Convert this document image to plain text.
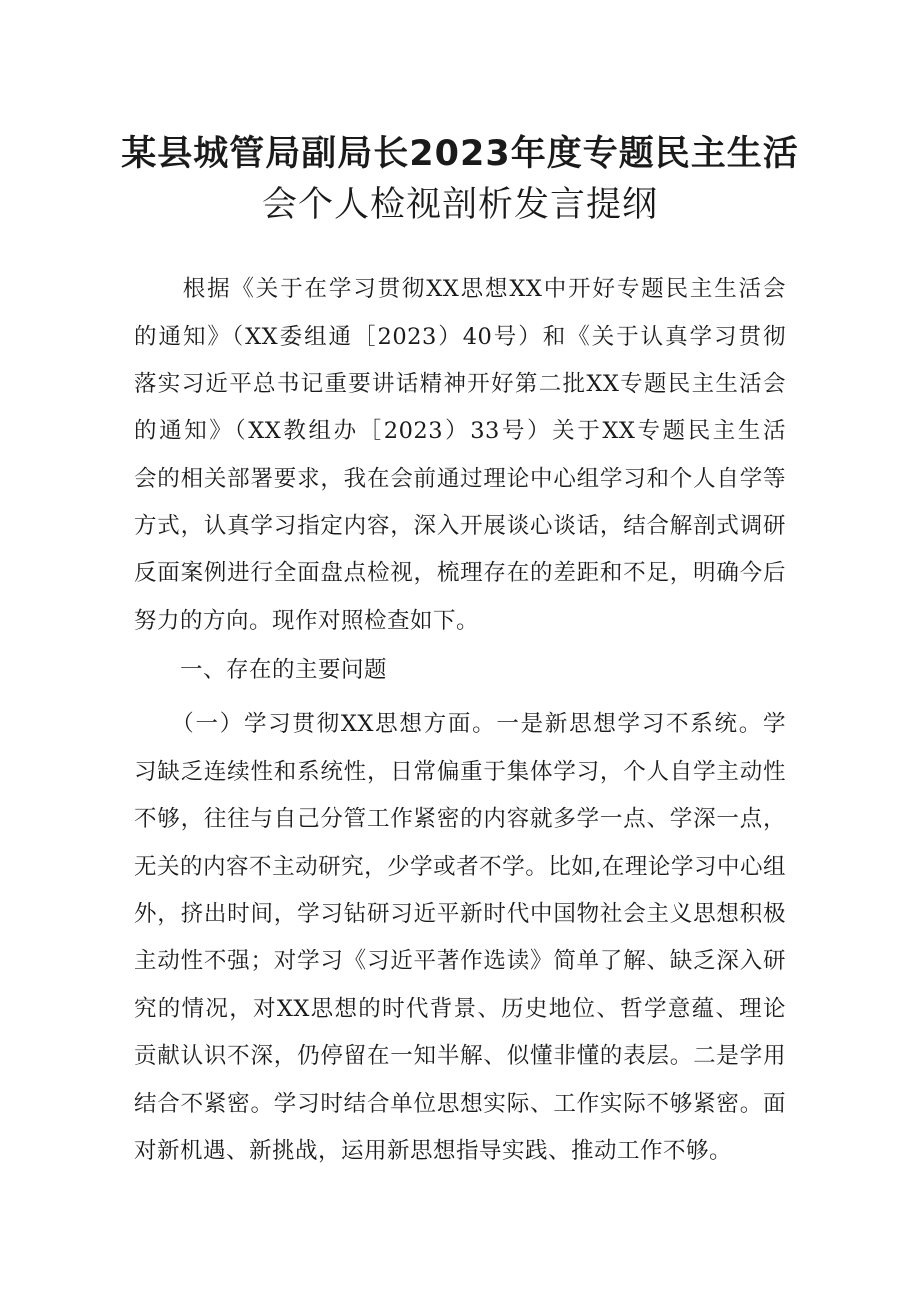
某县城管局副局长2023年度专题民主生活
会个人检视剖析发言提纲
　　根据《关于在学习贯彻XX思想XX中开好专题民主生活会
的通知》（XX委组通［2023）40号）和《关于认真学习贯彻
落实习近平总书记重要讲话精神开好第二批XX专题民主生活会
的通知》（XX教组办［2023）33号）关于XX专题民主生活
会的相关部署要求，我在会前通过理论中心组学习和个人自学等
方式，认真学习指定内容，深入开展谈心谈话，结合解剖式调研
反面案例进行全面盘点检视，梳理存在的差距和不足，明确今后
努力的方向。现作对照检查如下。
　　一、存在的主要问题
　　（一）学习贯彻XX思想方面。一是新思想学习不系统。学
习缺乏连续性和系统性，日常偏重于集体学习，个人自学主动性
不够，往往与自己分管工作紧密的内容就多学一点、学深一点，
无关的内容不主动研究，少学或者不学。比如,在理论学习中心组
外，挤出时间，学习钻研习近平新时代中国物社会主义思想积极
主动性不强；对学习《习近平著作选读》简单了解、缺乏深入研
究的情况，对XX思想的时代背景、历史地位、哲学意蕴、理论
贡献认识不深，仍停留在一知半解、似懂非懂的表层。二是学用
结合不紧密。学习时结合单位思想实际、工作实际不够紧密。面
对新机遇、新挑战，运用新思想指导实践、推动工作不够。
